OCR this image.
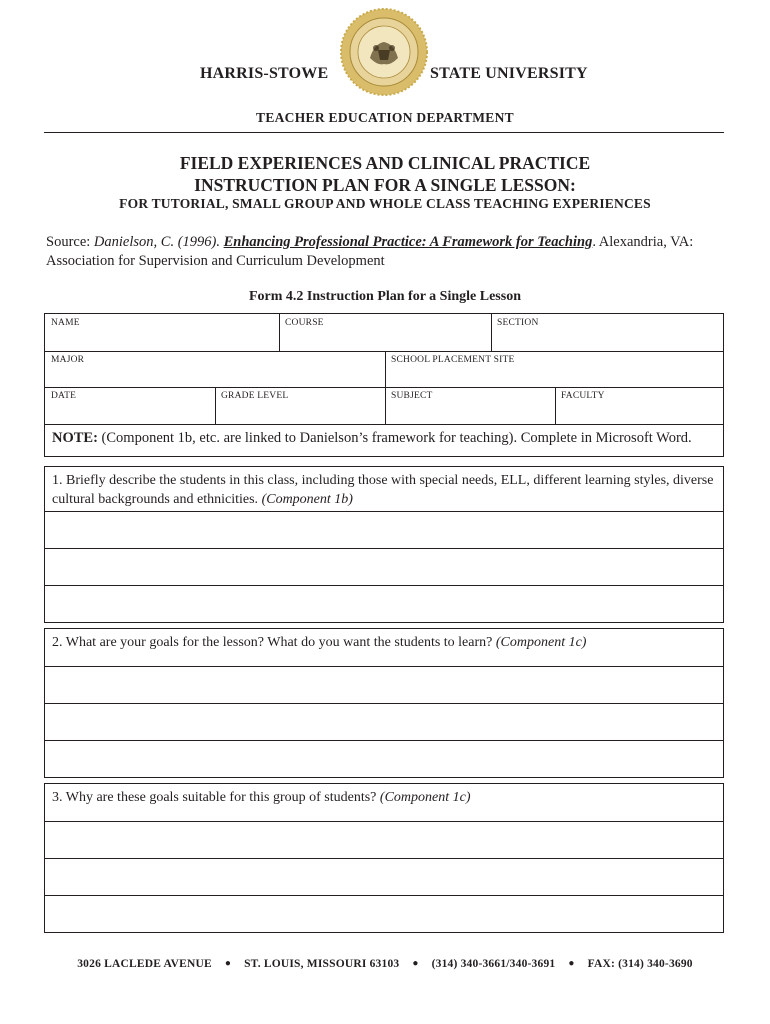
HARRIS-STOWE	STATE UNIVERSITY
TEACHER EDUCATION DEPARTMENT
FIELD EXPERIENCES AND CLINICAL PRACTICE
INSTRUCTION PLAN FOR A SINGLE LESSON:
FOR TUTORIAL, SMALL GROUP AND WHOLE CLASS TEACHING EXPERIENCES
Source: Danielson, C. (1996). Enhancing Professional Practice: A Framework for Teaching. Alexandria, VA: Association for Supervision and Curriculum Development
Form 4.2 Instruction Plan for a Single Lesson
NAME	COURSE	SECTION
MAJOR	SCHOOL PLACEMENT SITE
DATE	GRADE LEVEL	SUBJECT	FACULTY
NOTE: (Component 1b, etc. are linked to Danielson’s framework for teaching). Complete in Microsoft Word.
1. Briefly describe the students in this class, including those with special needs, ELL, different learning styles, diverse cultural backgrounds and ethnicities. (Component 1b)
2. What are your goals for the lesson? What do you want the students to learn? (Component 1c)
3. Why are these goals suitable for this group of students? (Component 1c)
3026 LACLEDE AVENUE ● ST. LOUIS, MISSOURI 63103 ● (314) 340-3661/340-3691 ● FAX: (314) 340-3690
